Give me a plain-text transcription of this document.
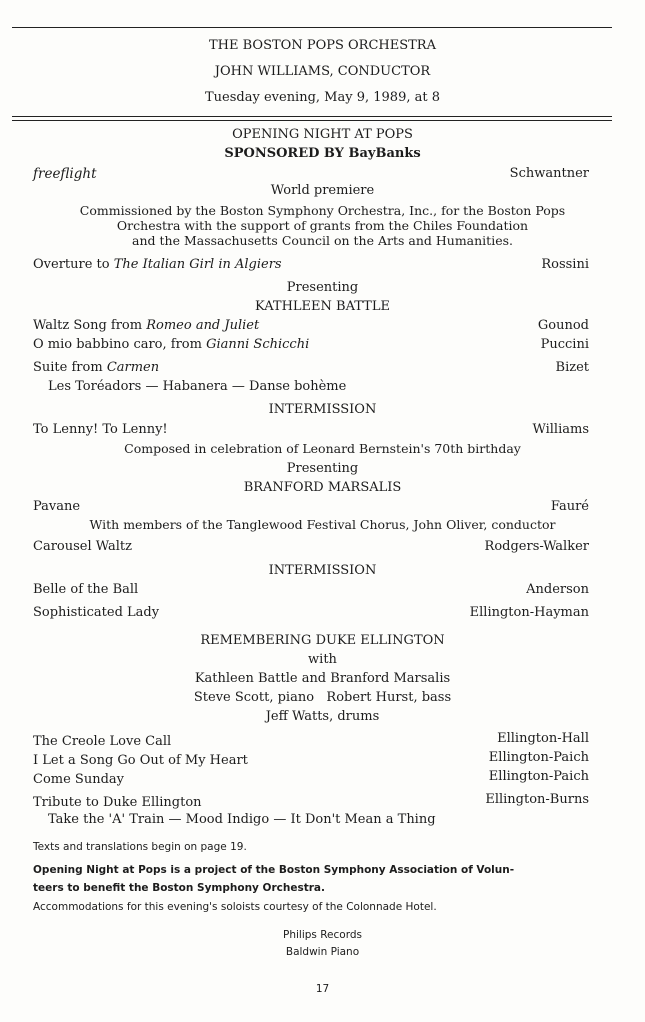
THE BOSTON POPS ORCHESTRA
JOHN WILLIAMS, CONDUCTOR
Tuesday evening, May 9, 1989, at 8
OPENING NIGHT AT POPS
SPONSORED BY BayBanks
freeflight	Schwantner
World premiere
Commissioned by the Boston Symphony Orchestra, Inc., for the Boston Pops
Orchestra with the support of grants from the Chiles Foundation
and the Massachusetts Council on the Arts and Humanities.
Overture to The Italian Girl in Algiers	Rossini
Presenting
KATHLEEN BATTLE
Waltz Song from Romeo and Juliet	Gounod
O mio babbino caro, from Gianni Schicchi	Puccini
Suite from Carmen	Bizet
Les Toréadors — Habanera — Danse bohème
INTERMISSION
To Lenny! To Lenny!	Williams
Composed in celebration of Leonard Bernstein's 70th birthday
Presenting
BRANFORD MARSALIS
Pavane	Fauré
With members of the Tanglewood Festival Chorus, John Oliver, conductor
Carousel Waltz	Rodgers-Walker
INTERMISSION
Belle of the Ball	Anderson
Sophisticated Lady	Ellington-Hayman
REMEMBERING DUKE ELLINGTON
with
Kathleen Battle and Branford Marsalis
Steve Scott, piano   Robert Hurst, bass
Jeff Watts, drums
The Creole Love Call	Ellington-Hall
I Let a Song Go Out of My Heart	Ellington-Paich
Come Sunday	Ellington-Paich
Tribute to Duke Ellington	Ellington-Burns
Take the 'A' Train — Mood Indigo — It Don't Mean a Thing
Texts and translations begin on page 19.
Opening Night at Pops is a project of the Boston Symphony Association of Volun-
teers to benefit the Boston Symphony Orchestra.
Accommodations for this evening's soloists courtesy of the Colonnade Hotel.
Philips Records
Baldwin Piano
17
